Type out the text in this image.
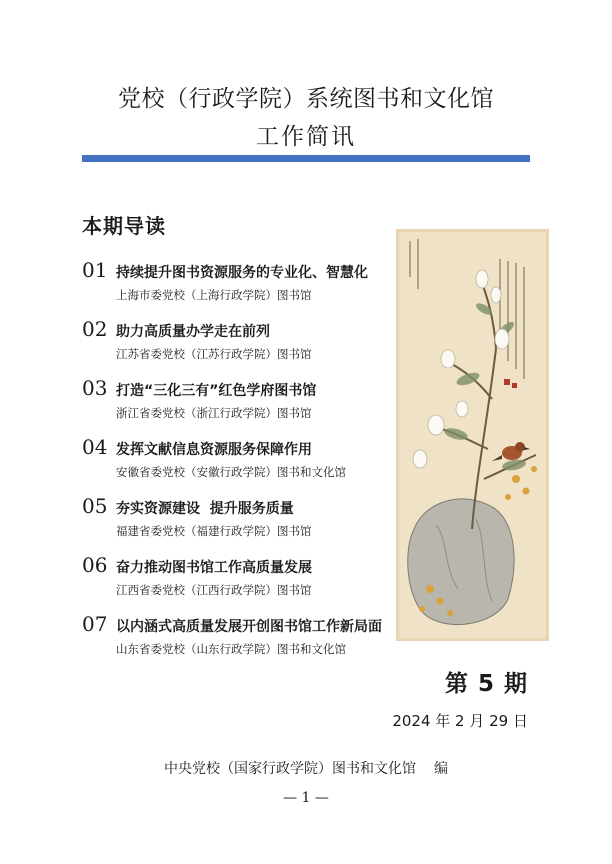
党校（行政学院）系统图书和文化馆
工作简讯
本期导读
01 持续提升图书资源服务的专业化、智慧化
上海市委党校（上海行政学院）图书馆
02 助力高质量办学走在前列
江苏省委党校（江苏行政学院）图书馆
03 打造“三化三有”红色学府图书馆
浙江省委党校（浙江行政学院）图书馆
04 发挥文献信息资源服务保障作用
安徽省委党校（安徽行政学院）图书和文化馆
05 夯实资源建设  提升服务质量
福建省委党校（福建行政学院）图书馆
06 奋力推动图书馆工作高质量发展
江西省委党校（江西行政学院）图书馆
07 以内涵式高质量发展开创图书馆工作新局面
山东省委党校（山东行政学院）图书和文化馆
第 5 期
2024 年 2 月 29 日
中央党校（国家行政学院）图书和文化馆 编
— 1 —
